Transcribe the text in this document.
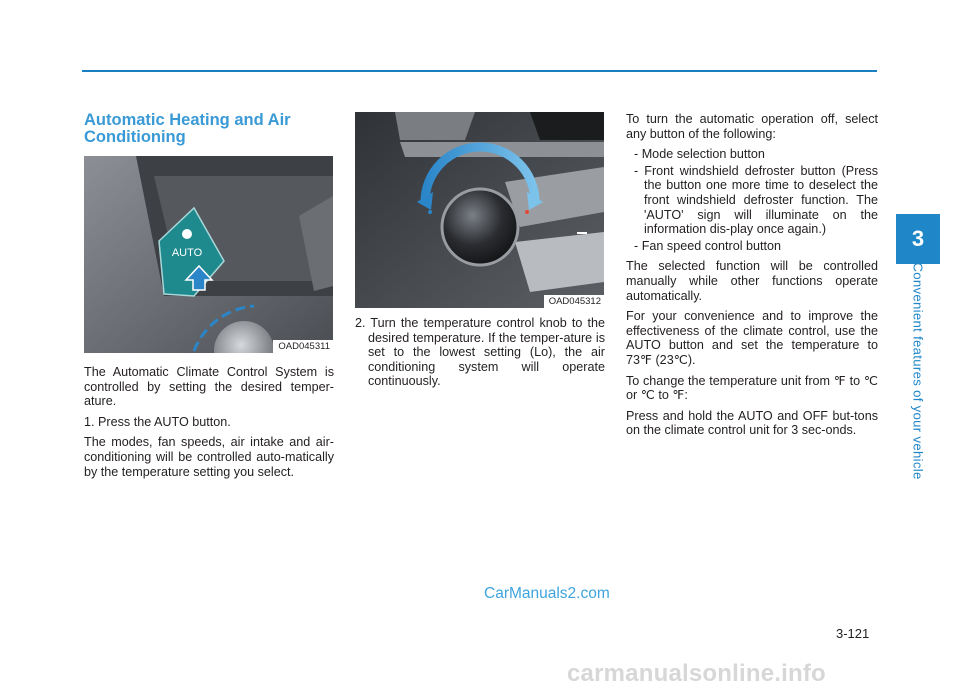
Automatic Heating and Air Conditioning
AUTO
OAD045311

The Automatic Climate Control System is controlled by setting the desired temper-ature.

1. Press the AUTO button.

The modes, fan speeds, air intake and air-conditioning will be controlled auto-matically by the temperature setting you select.

OAD045312

2. Turn the temperature control knob to the desired temperature. If the temper-ature is set to the lowest setting (Lo), the air conditioning system will operate continuously.

To turn the automatic operation off, select any button of the following:

- Mode selection button

- Front windshield defroster button (Press the button one more time to deselect the front windshield defroster function. The 'AUTO' sign will illuminate on the information dis-play once again.)

- Fan speed control button

The selected function will be controlled manually while other functions operate automatically.

For your convenience and to improve the effectiveness of the climate control, use the AUTO button and set the temperature to 73℉ (23℃).

To change the temperature unit from ℉ to ℃ or ℃ to ℉:

Press and hold the AUTO and OFF but-tons on the climate control unit for 3 sec-onds.

3
Convenient features of your vehicle
3-121
CarManuals2.com
carmanualsonline.info
